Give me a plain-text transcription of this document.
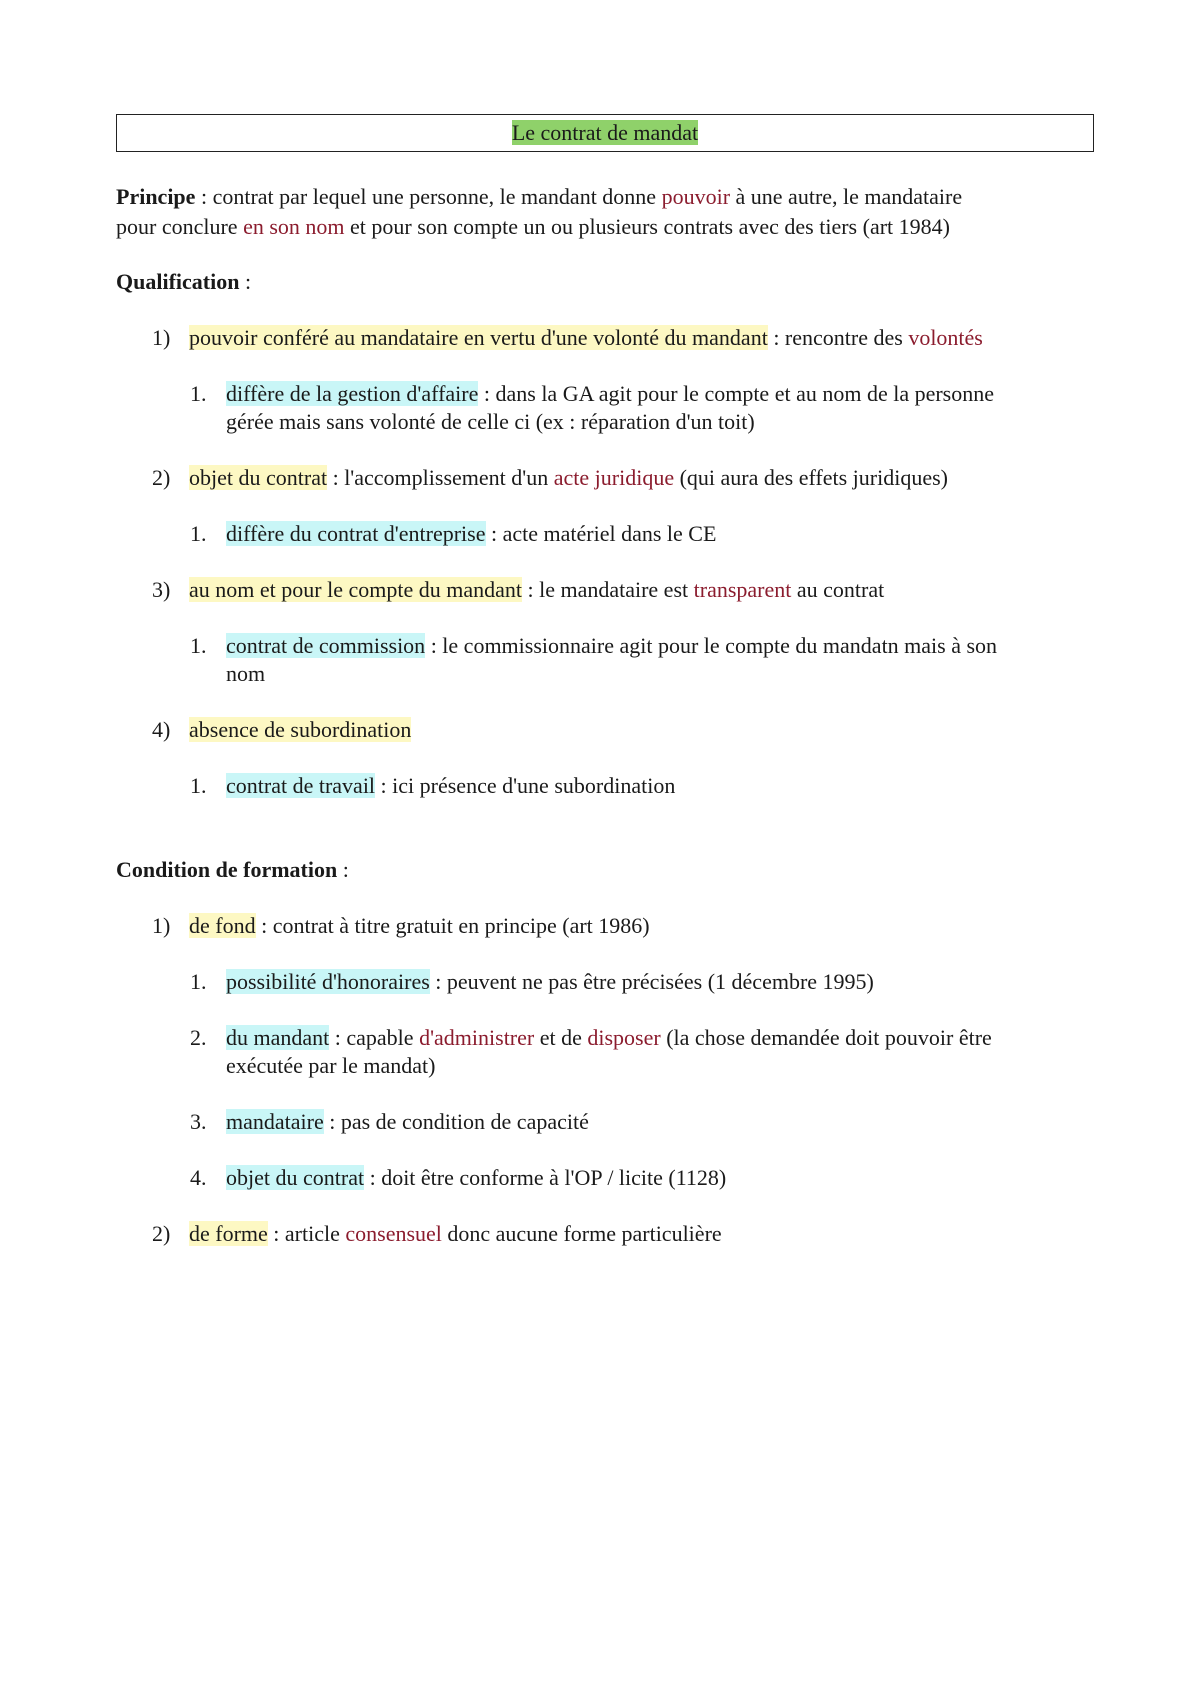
Le contrat de mandat
Principe : contrat par lequel une personne, le mandant donne pouvoir à une autre, le mandataire
pour conclure en son nom et pour son compte un ou plusieurs contrats avec des tiers (art 1984)
Qualification :
1) pouvoir conféré au mandataire en vertu d'une volonté du mandant : rencontre des volontés
1. diffère de la gestion d'affaire : dans la GA agit pour le compte et au nom de la personne
gérée mais sans volonté de celle ci (ex : réparation d'un toit)
2) objet du contrat : l'accomplissement d'un acte juridique (qui aura des effets juridiques)
1. diffère du contrat d'entreprise : acte matériel dans le CE
3) au nom et pour le compte du mandant : le mandataire est transparent au contrat
1. contrat de commission : le commissionnaire agit pour le compte du mandatn mais à son
nom
4) absence de subordination
1. contrat de travail : ici présence d'une subordination
Condition de formation :
1) de fond : contrat à titre gratuit en principe (art 1986)
1. possibilité d'honoraires : peuvent ne pas être précisées (1 décembre 1995)
2. du mandant : capable d'administrer et de disposer (la chose demandée doit pouvoir être
exécutée par le mandat)
3. mandataire : pas de condition de capacité
4. objet du contrat : doit être conforme à l'OP / licite (1128)
2) de forme : article consensuel donc aucune forme particulière
